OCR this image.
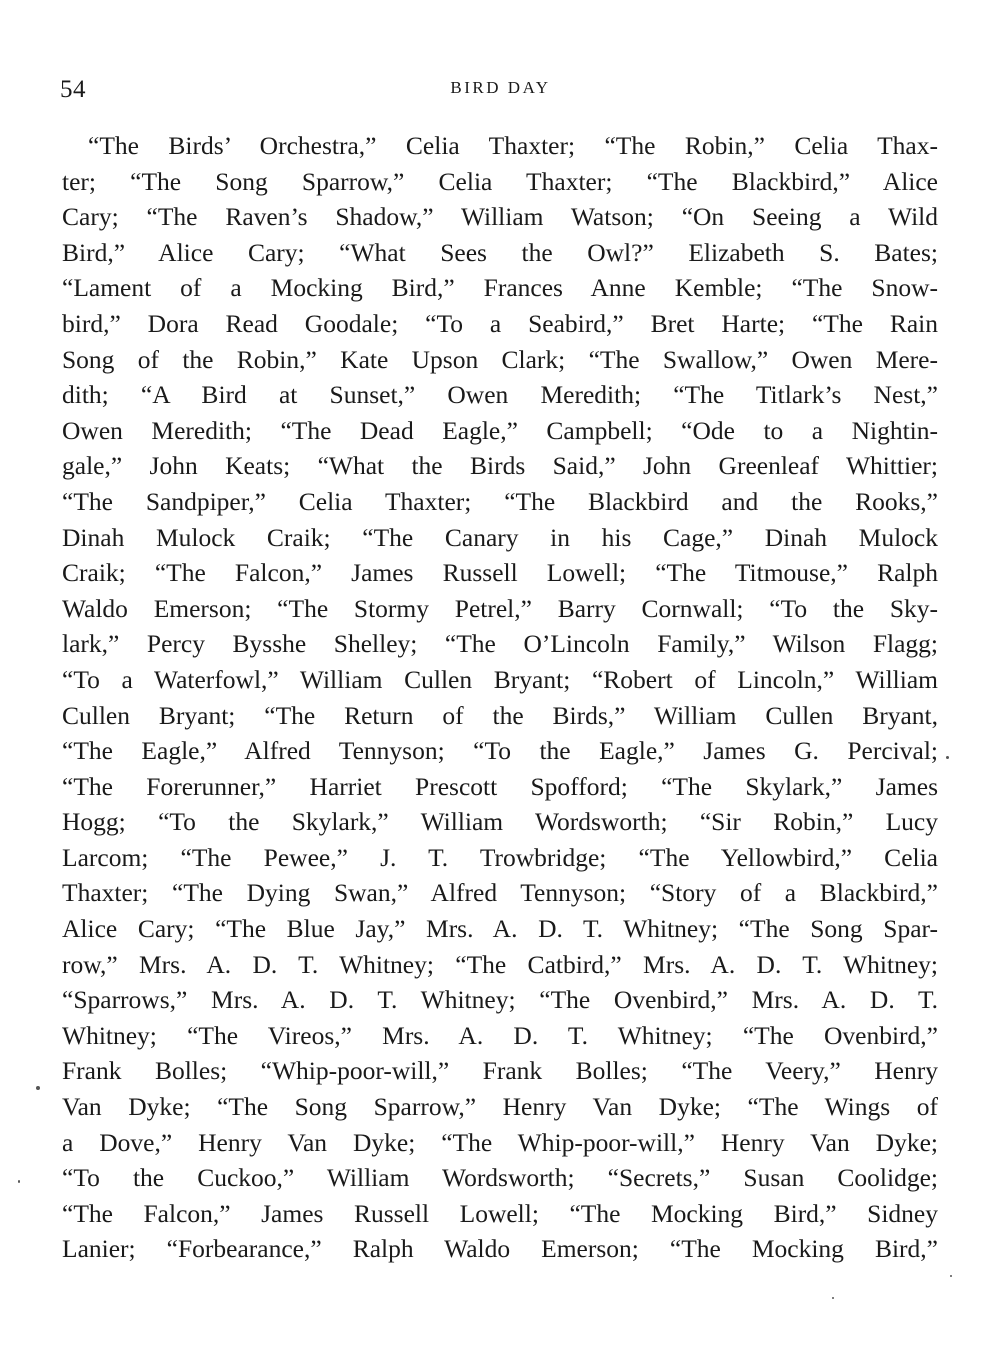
54	BIRD DAY
“The Birds’ Orchestra,” Celia Thaxter; “The Robin,” Celia Thax-
ter; “The Song Sparrow,” Celia Thaxter; “The Blackbird,” Alice
Cary; “The Raven’s Shadow,” William Watson; “On Seeing a Wild
Bird,” Alice Cary; “What Sees the Owl?” Elizabeth S. Bates;
“Lament of a Mocking Bird,” Frances Anne Kemble; “The Snow-
bird,” Dora Read Goodale; “To a Seabird,” Bret Harte; “The Rain
Song of the Robin,” Kate Upson Clark; “The Swallow,” Owen Mere-
dith; “A Bird at Sunset,” Owen Meredith; “The Titlark’s Nest,”
Owen Meredith; “The Dead Eagle,” Campbell; “Ode to a Nightin-
gale,” John Keats; “What the Birds Said,” John Greenleaf Whittier;
“The Sandpiper,” Celia Thaxter; “The Blackbird and the Rooks,”
Dinah Mulock Craik; “The Canary in his Cage,” Dinah Mulock
Craik; “The Falcon,” James Russell Lowell; “The Titmouse,” Ralph
Waldo Emerson; “The Stormy Petrel,” Barry Cornwall; “To the Sky-
lark,” Percy Bysshe Shelley; “The O’Lincoln Family,” Wilson Flagg;
“To a Waterfowl,” William Cullen Bryant; “Robert of Lincoln,” William
Cullen Bryant; “The Return of the Birds,” William Cullen Bryant,
“The Eagle,” Alfred Tennyson; “To the Eagle,” James G. Percival;
“The Forerunner,” Harriet Prescott Spofford; “The Skylark,” James
Hogg; “To the Skylark,” William Wordsworth; “Sir Robin,” Lucy
Larcom; “The Pewee,” J. T. Trowbridge; “The Yellowbird,” Celia
Thaxter; “The Dying Swan,” Alfred Tennyson; “Story of a Blackbird,”
Alice Cary; “The Blue Jay,” Mrs. A. D. T. Whitney; “The Song Spar-
row,” Mrs. A. D. T. Whitney; “The Catbird,” Mrs. A. D. T. Whitney;
“Sparrows,” Mrs. A. D. T. Whitney; “The Ovenbird,” Mrs. A. D. T.
Whitney; “The Vireos,” Mrs. A. D. T. Whitney; “The Ovenbird,”
Frank Bolles; “Whip-poor-will,” Frank Bolles; “The Veery,” Henry
Van Dyke; “The Song Sparrow,” Henry Van Dyke; “The Wings of
a Dove,” Henry Van Dyke; “The Whip-poor-will,” Henry Van Dyke;
“To the Cuckoo,” William Wordsworth; “Secrets,” Susan Coolidge;
“The Falcon,” James Russell Lowell; “The Mocking Bird,” Sidney
Lanier; “Forbearance,” Ralph Waldo Emerson; “The Mocking Bird,”
